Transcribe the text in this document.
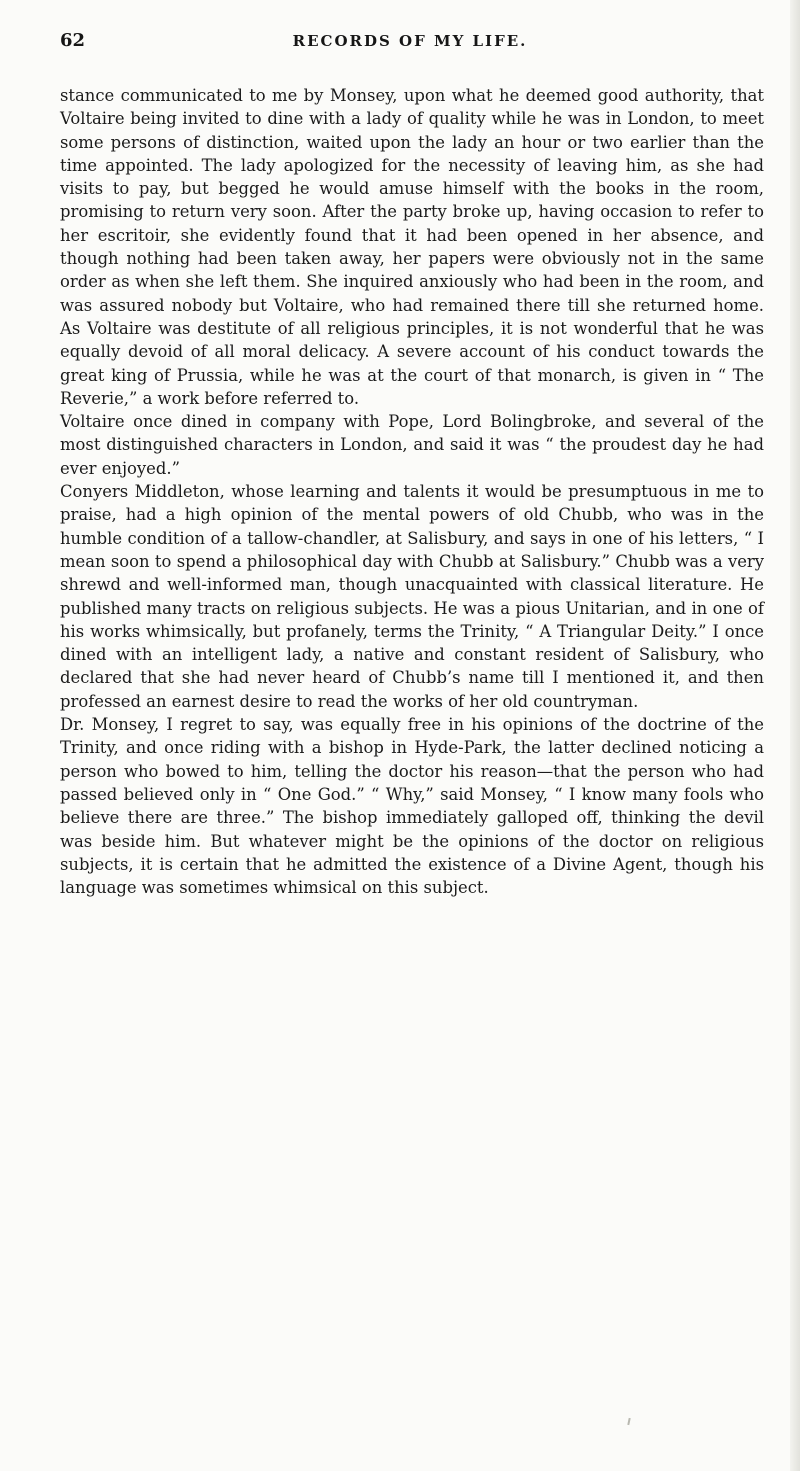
62	RECORDS OF MY LIFE.

stance communicated to me by Monsey, upon what he deemed good authority, that Voltaire being invited to dine with a lady of quality while he was in London, to meet some persons of distinction, waited upon the lady an hour or two earlier than the time appointed. The lady apologized for the necessity of leaving him, as she had visits to pay, but begged he would amuse himself with the books in the room, promising to return very soon. After the party broke up, having occasion to refer to her escritoir, she evidently found that it had been opened in her absence, and though nothing had been taken away, her papers were obviously not in the same order as when she left them. She inquired anxiously who had been in the room, and was assured nobody but Voltaire, who had remained there till she returned home. As Voltaire was destitute of all religious principles, it is not wonderful that he was equally devoid of all moral delicacy. A severe account of his conduct towards the great king of Prussia, while he was at the court of that monarch, is given in “ The Reverie,” a work before referred to.

Voltaire once dined in company with Pope, Lord Bolingbroke, and several of the most distinguished characters in London, and said it was “ the proudest day he had ever enjoyed.”

Conyers Middleton, whose learning and talents it would be presumptuous in me to praise, had a high opinion of the mental powers of old Chubb, who was in the humble condition of a tallow-chandler, at Salisbury, and says in one of his letters, “ I mean soon to spend a philosophical day with Chubb at Salisbury.” Chubb was a very shrewd and well-informed man, though unacquainted with classical literature. He published many tracts on religious subjects. He was a pious Unitarian, and in one of his works whimsically, but profanely, terms the Trinity, “ A Triangular Deity.” I once dined with an intelligent lady, a native and constant resident of Salisbury, who declared that she had never heard of Chubb’s name till I mentioned it, and then professed an earnest desire to read the works of her old countryman.

Dr. Monsey, I regret to say, was equally free in his opinions of the doctrine of the Trinity, and once riding with a bishop in Hyde-Park, the latter declined noticing a person who bowed to him, telling the doctor his reason—that the person who had passed believed only in “ One God.” “ Why,” said Monsey, “ I know many fools who believe there are three.” The bishop immediately galloped off, thinking the devil was beside him. But whatever might be the opinions of the doctor on religious subjects, it is certain that he admitted the existence of a Divine Agent, though his language was sometimes whimsical on this subject.
